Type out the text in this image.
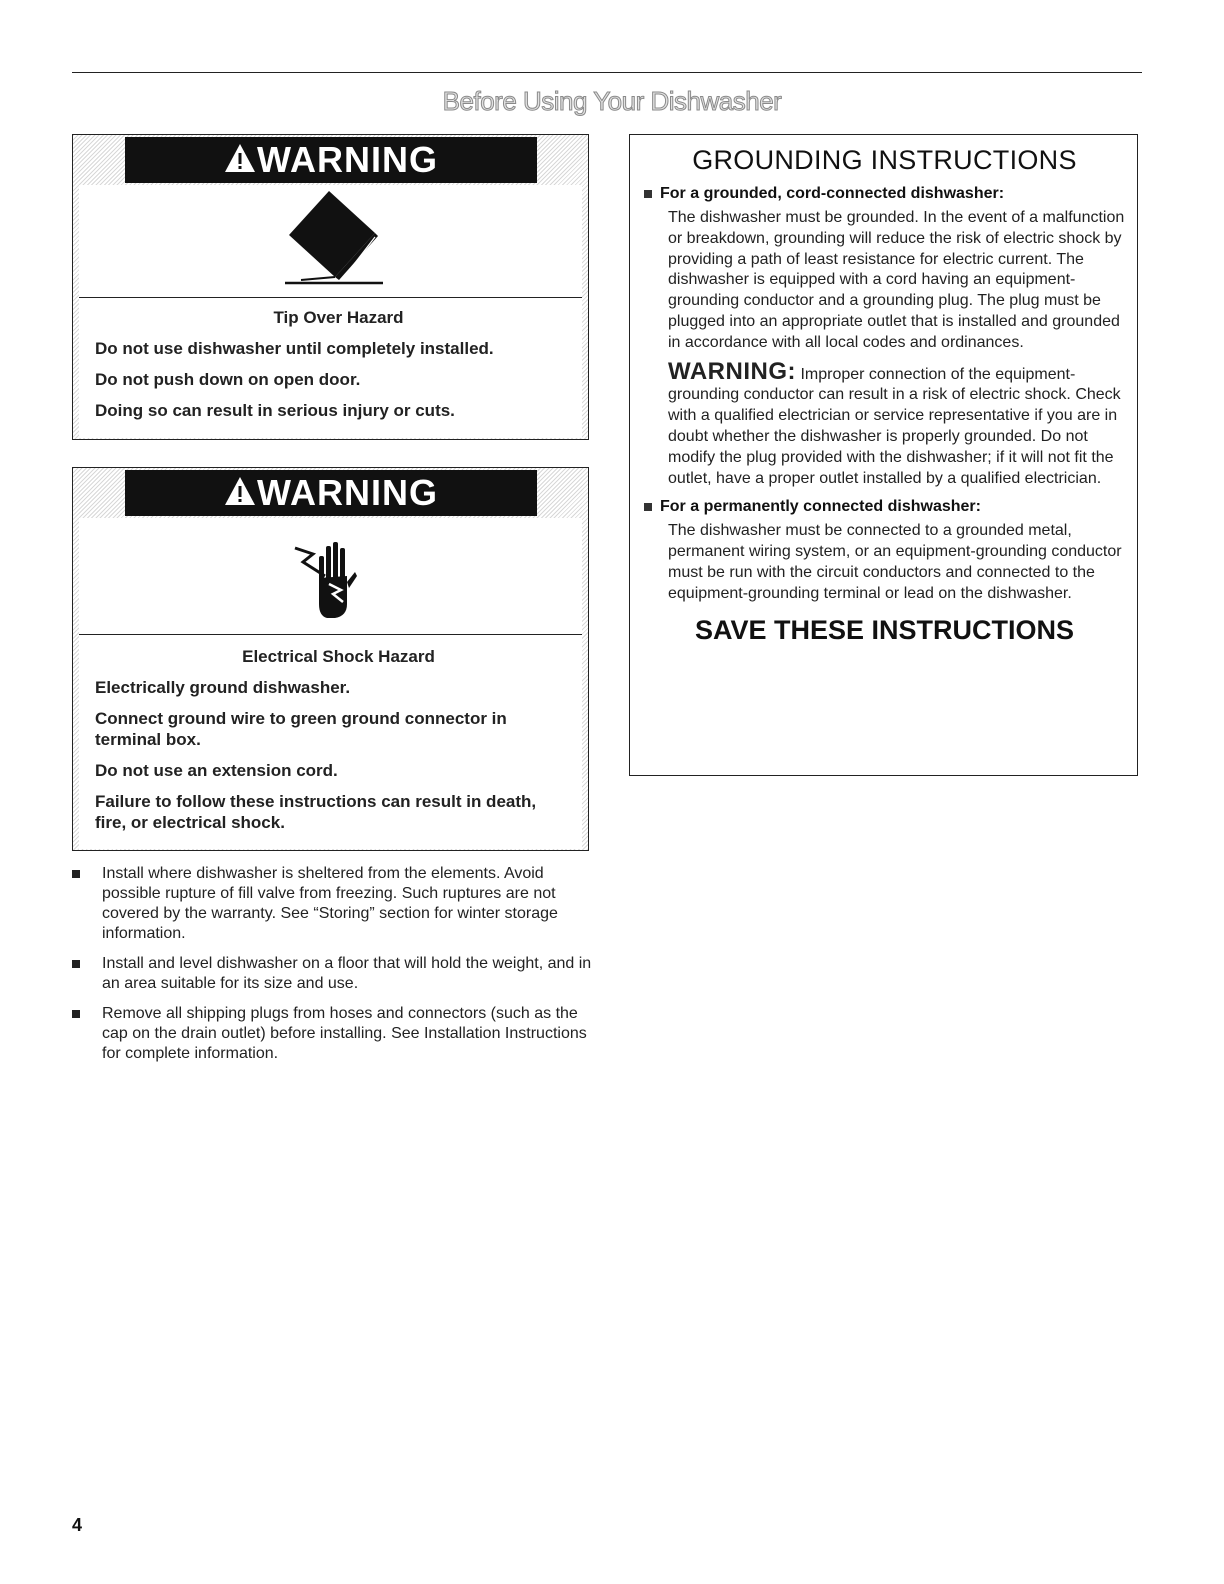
Before Using Your Dishwasher
WARNING
Tip Over Hazard
Do not use dishwasher until completely installed.
Do not push down on open door.
Doing so can result in serious injury or cuts.
WARNING
Electrical Shock Hazard
Electrically ground dishwasher.
Connect ground wire to green ground connector in terminal box.
Do not use an extension cord.
Failure to follow these instructions can result in death, fire, or electrical shock.
GROUNDING INSTRUCTIONS
For a grounded, cord-connected dishwasher:
The dishwasher must be grounded. In the event of a malfunction or breakdown, grounding will reduce the risk of electric shock by providing a path of least resistance for electric current. The dishwasher is equipped with a cord having an equipment-grounding conductor and a grounding plug. The plug must be plugged into an appropriate outlet that is installed and grounded in accordance with all local codes and ordinances.
WARNING: Improper connection of the equipment-grounding conductor can result in a risk of electric shock. Check with a qualified electrician or service representative if you are in doubt whether the dishwasher is properly grounded. Do not modify the plug provided with the dishwasher; if it will not fit the outlet, have a proper outlet installed by a qualified electrician.
For a permanently connected dishwasher:
The dishwasher must be connected to a grounded metal, permanent wiring system, or an equipment-grounding conductor must be run with the circuit conductors and connected to the equipment-grounding terminal or lead on the dishwasher.
SAVE THESE INSTRUCTIONS
Install where dishwasher is sheltered from the elements. Avoid possible rupture of fill valve from freezing. Such ruptures are not covered by the warranty. See “Storing” section for winter storage information.
Install and level dishwasher on a floor that will hold the weight, and in an area suitable for its size and use.
Remove all shipping plugs from hoses and connectors (such as the cap on the drain outlet) before installing. See Installation Instructions for complete information.
4
